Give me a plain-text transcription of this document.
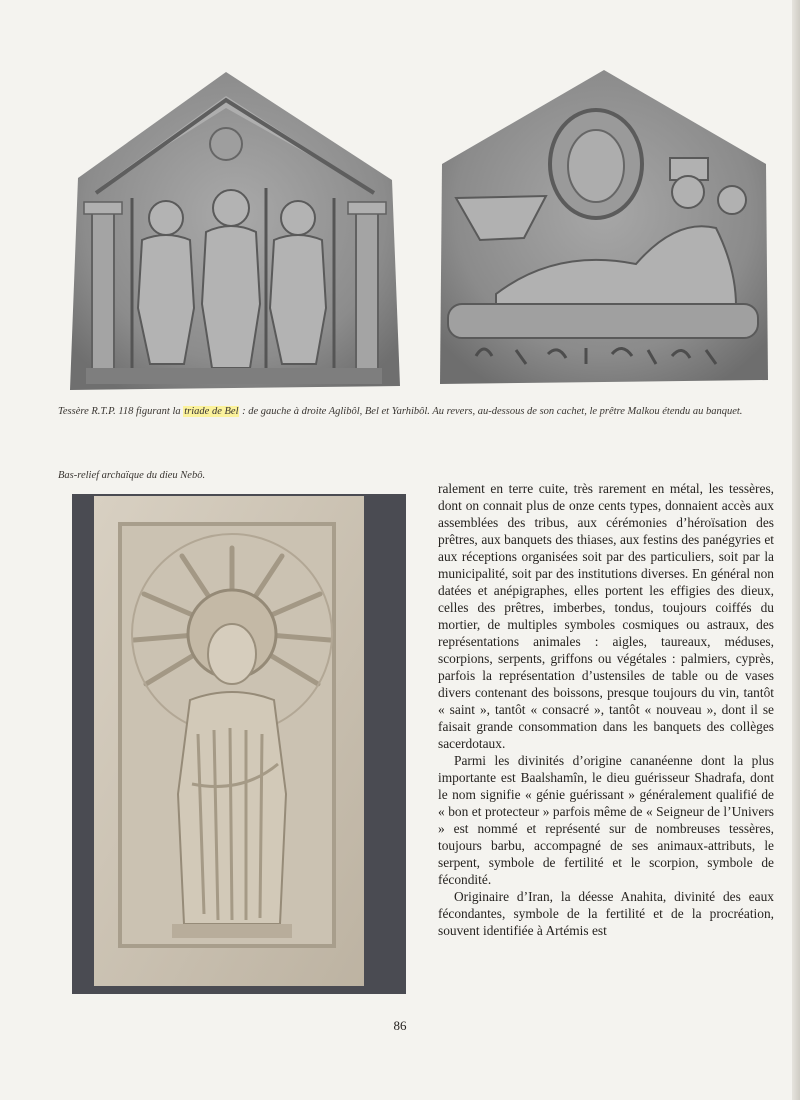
Tessère R.T.P. 118 figurant la triade de Bel : de gauche à droite Aglibôl, Bel et Yarhibôl. Au revers, au-dessous de son cachet, le prêtre Malkou étendu au banquet.

Bas-relief archaïque du dieu Nebô.

ralement en terre cuite, très rarement en métal, les tessères, dont on connait plus de onze cents types, donnaient accès aux assemblées des tribus, aux cérémonies d’héroïsation des prêtres, aux banquets des thiases, aux festins des panégyries et aux réceptions organisées soit par des particuliers, soit par la municipalité, soit par des institutions diverses. En général non datées et anépigraphes, elles portent les effigies des dieux, celles des prêtres, imberbes, tondus, toujours coiffés du mortier, de multiples symboles cosmiques ou astraux, des représentations animales : aigles, taureaux, méduses, scorpions, serpents, griffons ou végétales : palmiers, cyprès, parfois la représentation d’ustensiles de table ou de vases divers contenant des boissons, presque toujours du vin, tantôt « saint », tantôt « consacré », tantôt « nouveau », dont il se faisait grande consommation dans les banquets des collèges sacerdotaux.

Parmi les divinités d’origine cananéenne dont la plus importante est Baalshamîn, le dieu guérisseur Shadrafa, dont le nom signifie « génie guérissant » généralement qualifié de « bon et protecteur » parfois même de « Seigneur de l’Univers » est nommé et représenté sur de nombreuses tessères, toujours barbu, accompagné de ses animaux-attributs, le serpent, symbole de fertilité et le scorpion, symbole de fécondité.

Originaire d’Iran, la déesse Anahita, divinité des eaux fécondantes, symbole de la fertilité et de la procréation, souvent identifiée à Artémis est

86
